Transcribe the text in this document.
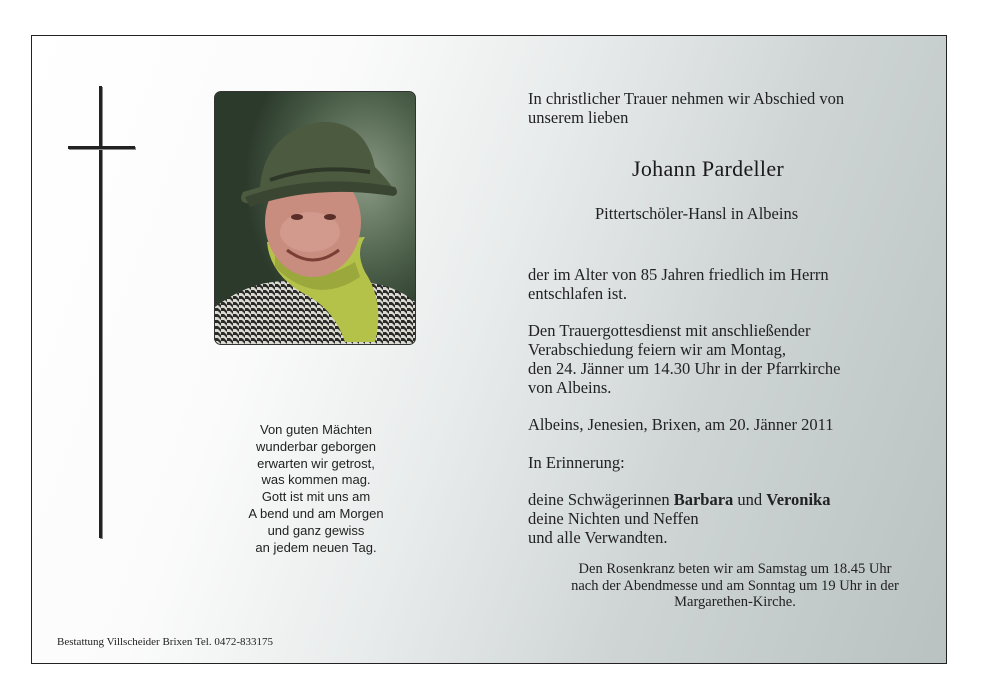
Von guten Mächten
wunderbar geborgen
erwarten wir getrost,
was kommen mag.
Gott ist mit uns am
A bend und am Morgen
und ganz gewiss
an jedem neuen Tag.
In christlicher Trauer nehmen wir Abschied von
unserem lieben
Johann Pardeller
Pittertschöler-Hansl in Albeins
der im Alter von 85 Jahren friedlich im Herrn
entschlafen ist.
Den Trauergottesdienst mit anschließender
Verabschiedung feiern wir am Montag,
den 24. Jänner um 14.30 Uhr in der Pfarrkirche
von Albeins.
Albeins, Jenesien, Brixen, am 20. Jänner 2011
In Erinnerung:
deine Schwägerinnen Barbara und Veronika
deine Nichten und Neffen
und alle Verwandten.
Den Rosenkranz beten wir am Samstag um 18.45 Uhr
nach der Abendmesse und am Sonntag um 19 Uhr in der
Margarethen-Kirche.
Bestattung Villscheider Brixen Tel. 0472-833175
